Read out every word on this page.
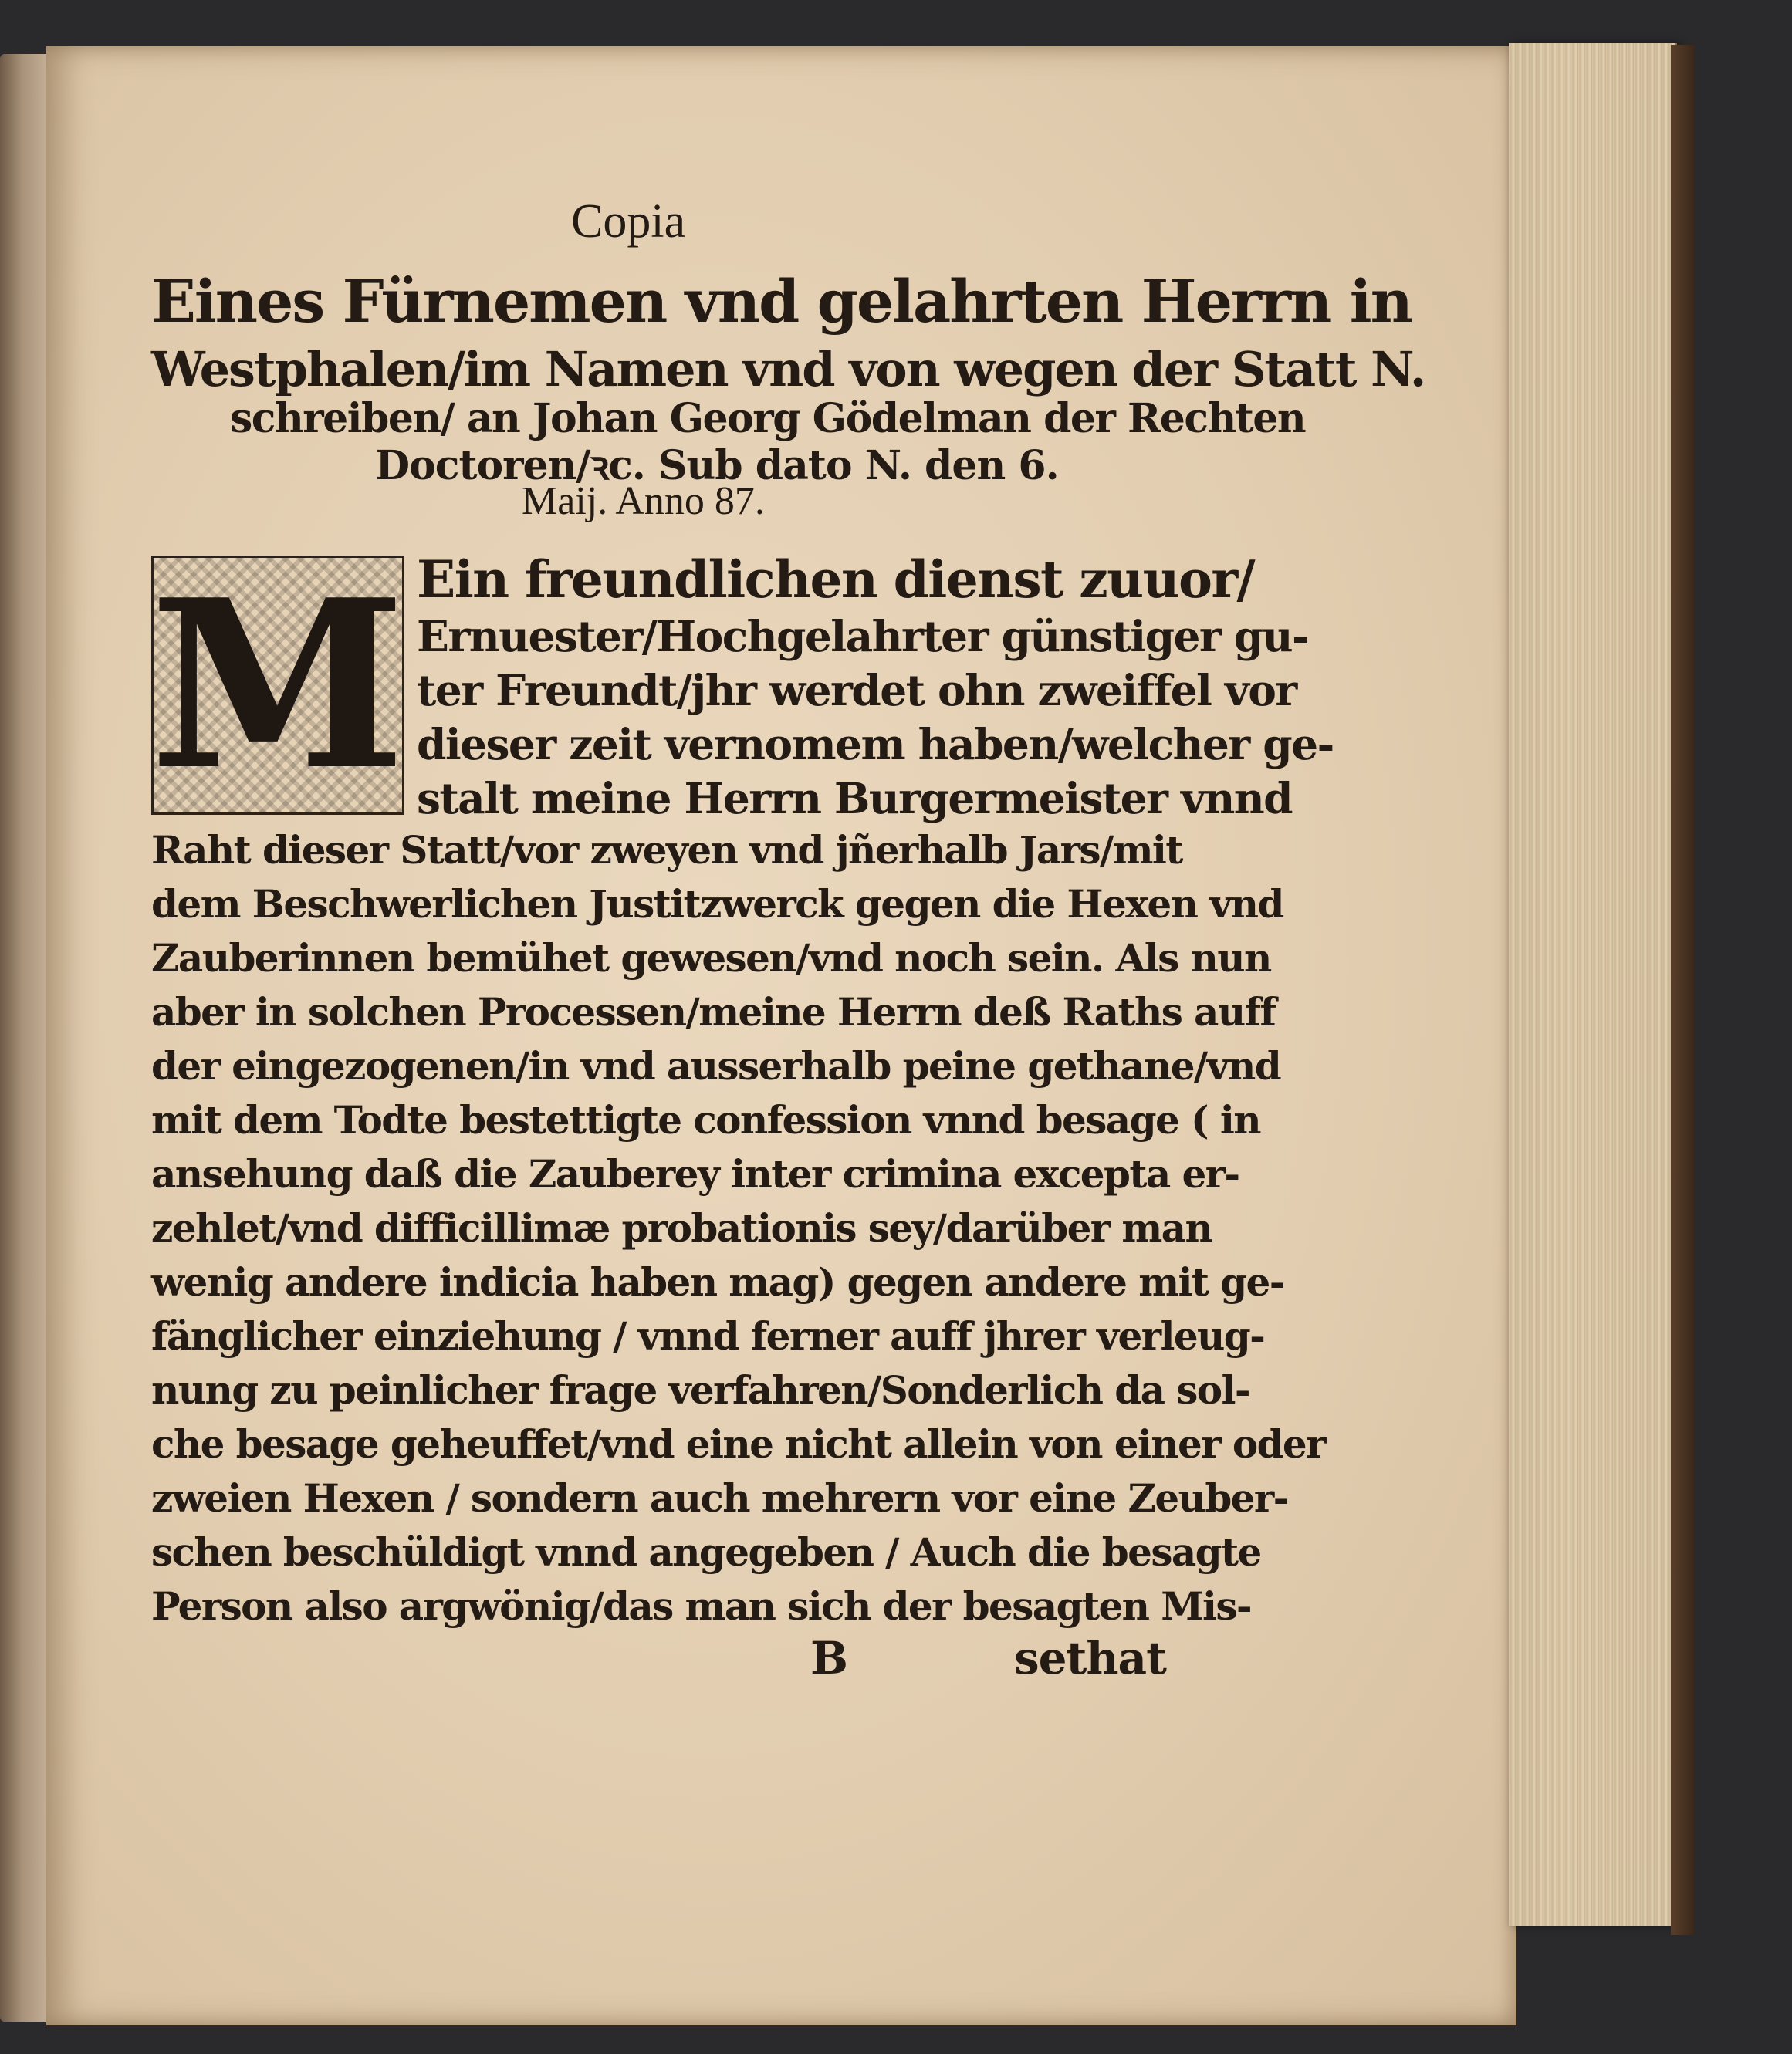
Copia
Eines Fürnemen vnd gelahrten Herrn in
Westphalen/im Namen vnd von wegen der Statt N.
schreiben/ an Johan Georg Gödelman der Rechten
Doctoren/ꝛc. Sub dato N. den 6.
Maij. Anno 87.
M Ein freundlichen dienst zuuor/
Ernuester/Hochgelahrter günstiger gu-
ter Freundt/jhr werdet ohn zweiffel vor
dieser zeit vernomem haben/welcher ge-
stalt meine Herrn Burgermeister vnnd
Raht dieser Statt/vor zweyen vnd jñerhalb Jars/mit
dem Beschwerlichen Justitzwerck gegen die Hexen vnd
Zauberinnen bemühet gewesen/vnd noch sein. Als nun
aber in solchen Processen/meine Herrn deß Raths auff
der eingezogenen/in vnd ausserhalb peine gethane/vnd
mit dem Todte bestettigte confession vnnd besage ( in
ansehung daß die Zauberey inter crimina excepta er-
zehlet/vnd difficillimæ probationis sey/darüber man
wenig andere indicia haben mag) gegen andere mit ge-
fänglicher einziehung / vnnd ferner auff jhrer verleug-
nung zu peinlicher frage verfahren/Sonderlich da sol-
che besage geheuffet/vnd eine nicht allein von einer oder
zweien Hexen / sondern auch mehrern vor eine Zeuber-
schen beschüldigt vnnd angegeben / Auch die besagte
Person also argwönig/das man sich der besagten Mis-
B	sethat
